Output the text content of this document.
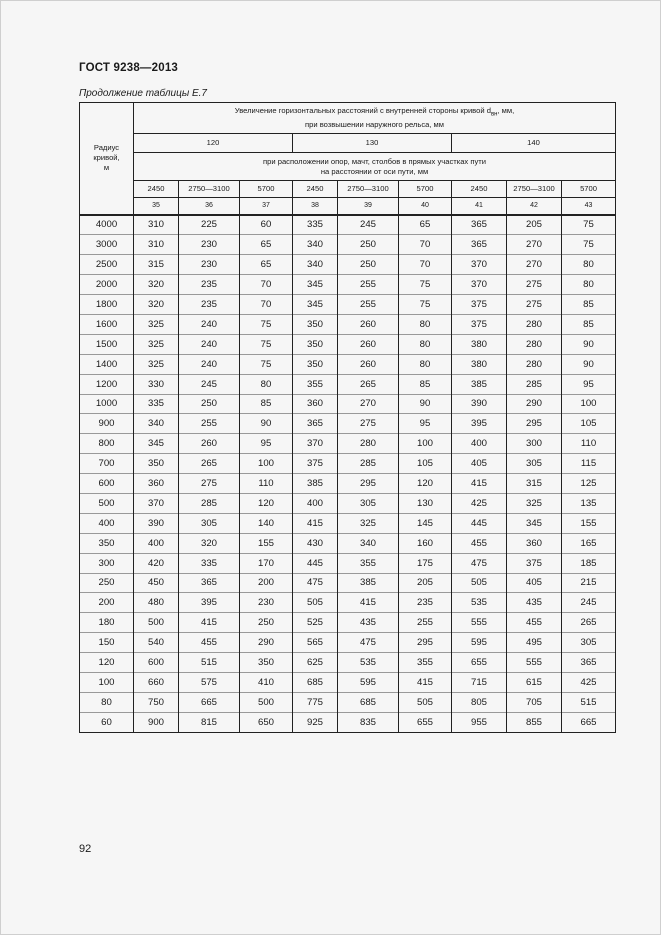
ГОСТ 9238—2013
Продолжение таблицы Е.7
Радиус
кривой,
м	Увеличение горизонтальных расстояний с внутренней стороны кривой $d_{вн}$, мм,
при возвышении наружного рельса, мм								
	120			130			140		
	при расположении опор, мачт, столбов в прямых участках пути
на расстоянии от оси пути, мм								
	2450	2750—3100	5700	2450	2750—3100	5700	2450	2750—3100	5700
	35	36	37	38	39	40	41	42	43
4000	310	225	60	335	245	65	365	205	75
3000	310	230	65	340	250	70	365	270	75
2500	315	230	65	340	250	70	370	270	80
2000	320	235	70	345	255	75	370	275	80
1800	320	235	70	345	255	75	375	275	85
1600	325	240	75	350	260	80	375	280	85
1500	325	240	75	350	260	80	380	280	90
1400	325	240	75	350	260	80	380	280	90
1200	330	245	80	355	265	85	385	285	95
1000	335	250	85	360	270	90	390	290	100
900	340	255	90	365	275	95	395	295	105
800	345	260	95	370	280	100	400	300	110
700	350	265	100	375	285	105	405	305	115
600	360	275	110	385	295	120	415	315	125
500	370	285	120	400	305	130	425	325	135
400	390	305	140	415	325	145	445	345	155
350	400	320	155	430	340	160	455	360	165
300	420	335	170	445	355	175	475	375	185
250	450	365	200	475	385	205	505	405	215
200	480	395	230	505	415	235	535	435	245
180	500	415	250	525	435	255	555	455	265
150	540	455	290	565	475	295	595	495	305
120	600	515	350	625	535	355	655	555	365
100	660	575	410	685	595	415	715	615	425
80	750	665	500	775	685	505	805	705	515
60	900	815	650	925	835	655	955	855	665
92
